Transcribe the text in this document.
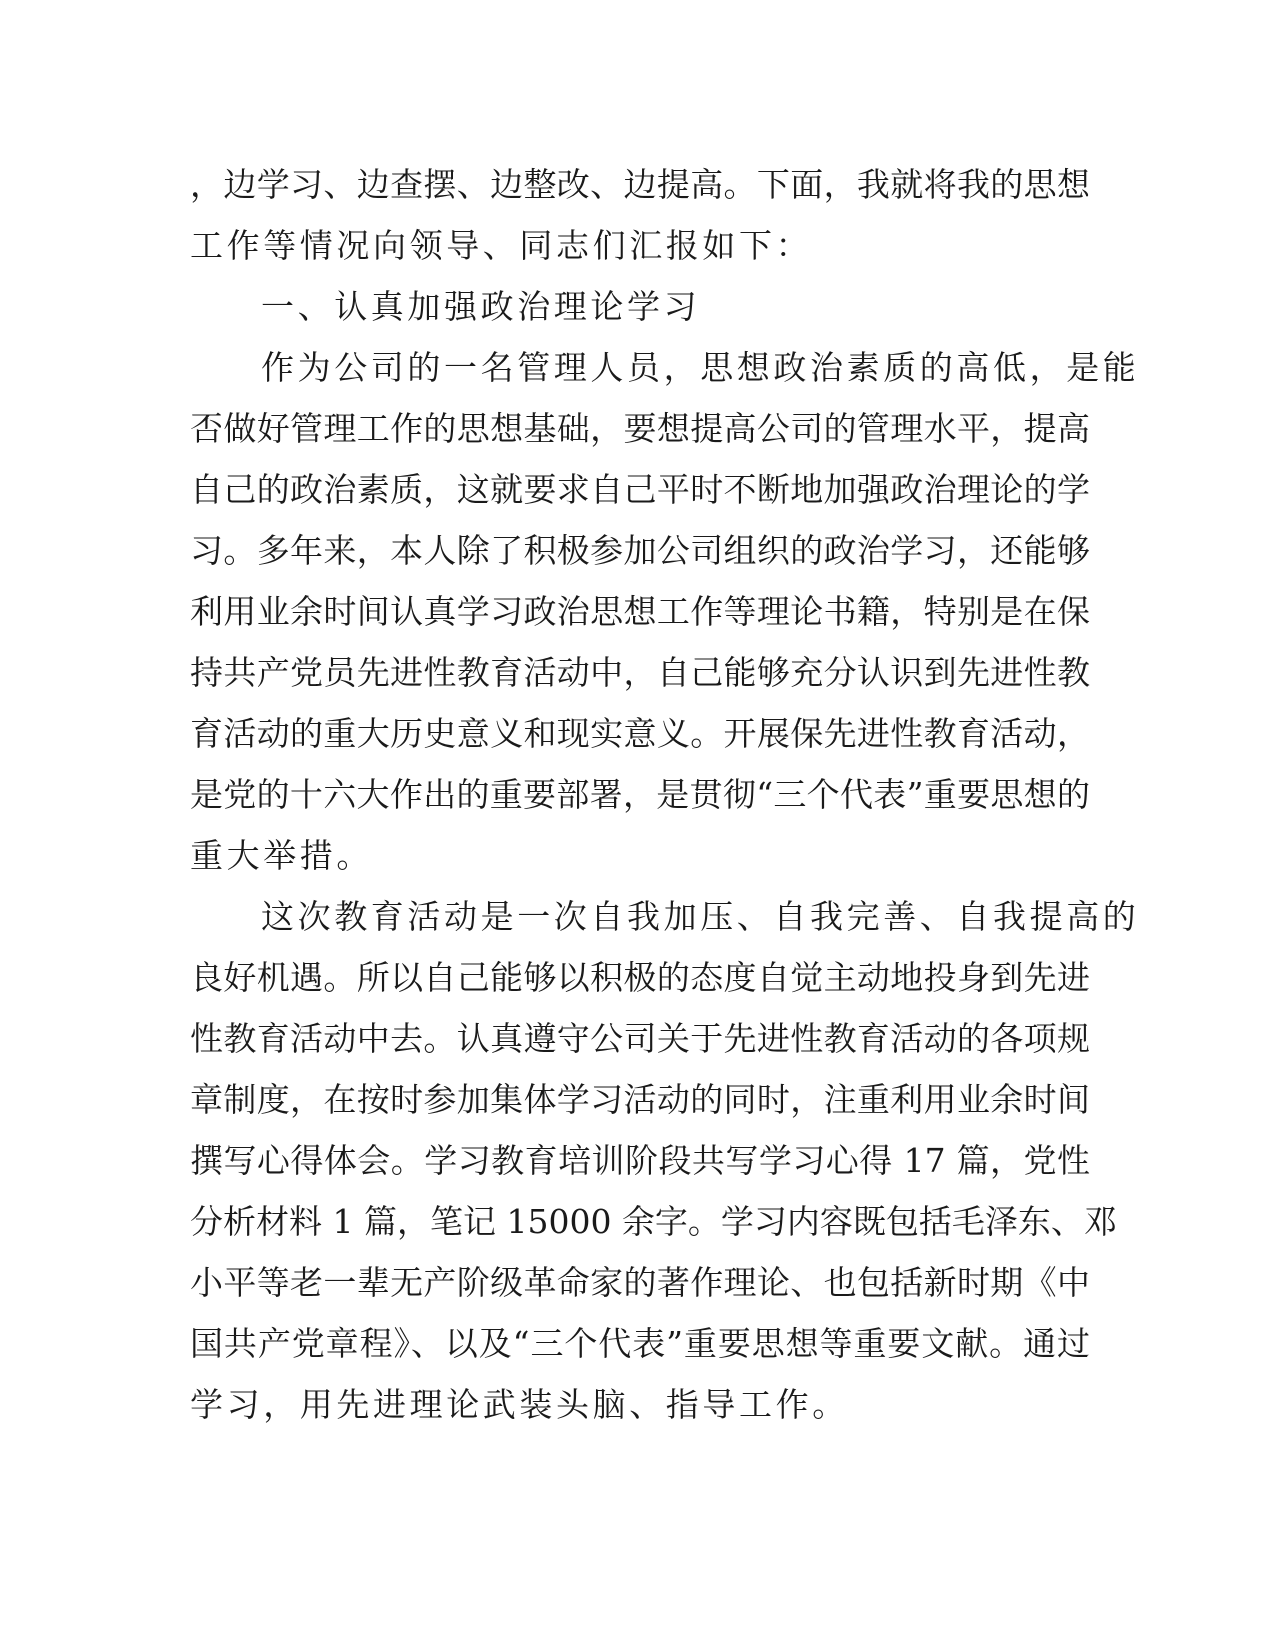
，边学习、边查摆、边整改、边提高。下面，我就将我的思想
工作等情况向领导、同志们汇报如下：
一、认真加强政治理论学习
作为公司的一名管理人员，思想政治素质的高低，是能
否做好管理工作的思想基础，要想提高公司的管理水平，提高
自己的政治素质，这就要求自己平时不断地加强政治理论的学
习。多年来，本人除了积极参加公司组织的政治学习，还能够
利用业余时间认真学习政治思想工作等理论书籍，特别是在保
持共产党员先进性教育活动中，自己能够充分认识到先进性教
育活动的重大历史意义和现实意义。开展保先进性教育活动，
是党的十六大作出的重要部署，是贯彻“三个代表”重要思想的
重大举措。
这次教育活动是一次自我加压、自我完善、自我提高的
良好机遇。所以自己能够以积极的态度自觉主动地投身到先进
性教育活动中去。认真遵守公司关于先进性教育活动的各项规
章制度，在按时参加集体学习活动的同时，注重利用业余时间
撰写心得体会。学习教育培训阶段共写学习心得 17 篇，党性
分析材料 1 篇，笔记 15000 余字。学习内容既包括毛泽东、邓
小平等老一辈无产阶级革命家的著作理论、也包括新时期《中
国共产党章程》、以及“三个代表”重要思想等重要文献。通过
学习，用先进理论武装头脑、指导工作。
